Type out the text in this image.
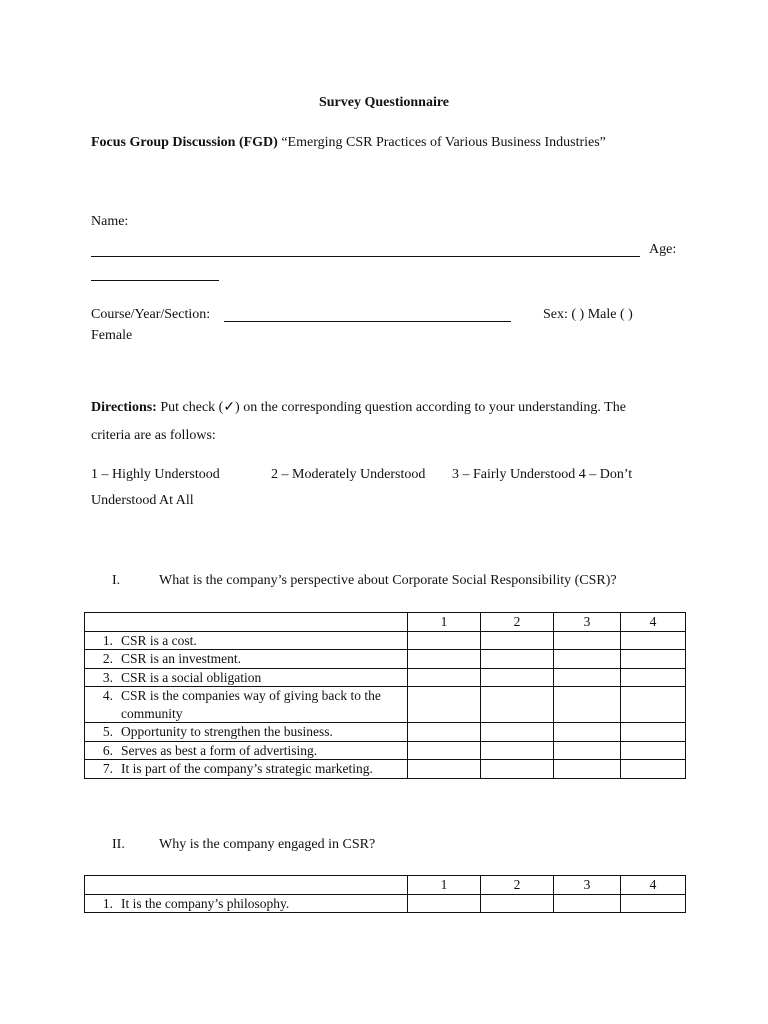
Survey Questionnaire
Focus Group Discussion (FGD) “Emerging CSR Practices of Various Business Industries”
Name:
Age:
Course/Year/Section:	Sex: ( ) Male ( )
Female
Directions: Put check (✓) on the corresponding question according to your understanding. The
criteria are as follows:
1 – Highly Understood	2 – Moderately Understood 3 – Fairly Understood 4 – Don’t
Understood At All
I.	What is the company’s perspective about Corporate Social Responsibility (CSR)?
	1	2	3	4

1. CSR is a cost.				

2. CSR is an investment.				

3. CSR is a social obligation				

4. CSR is the companies way of giving back to the community				

5. Opportunity to strengthen the business.				

6. Serves as best a form of advertising.				

7. It is part of the company’s strategic marketing.				

II. Why is the company engaged in CSR?
	1	2	3	4

1. It is the company’s philosophy.				
